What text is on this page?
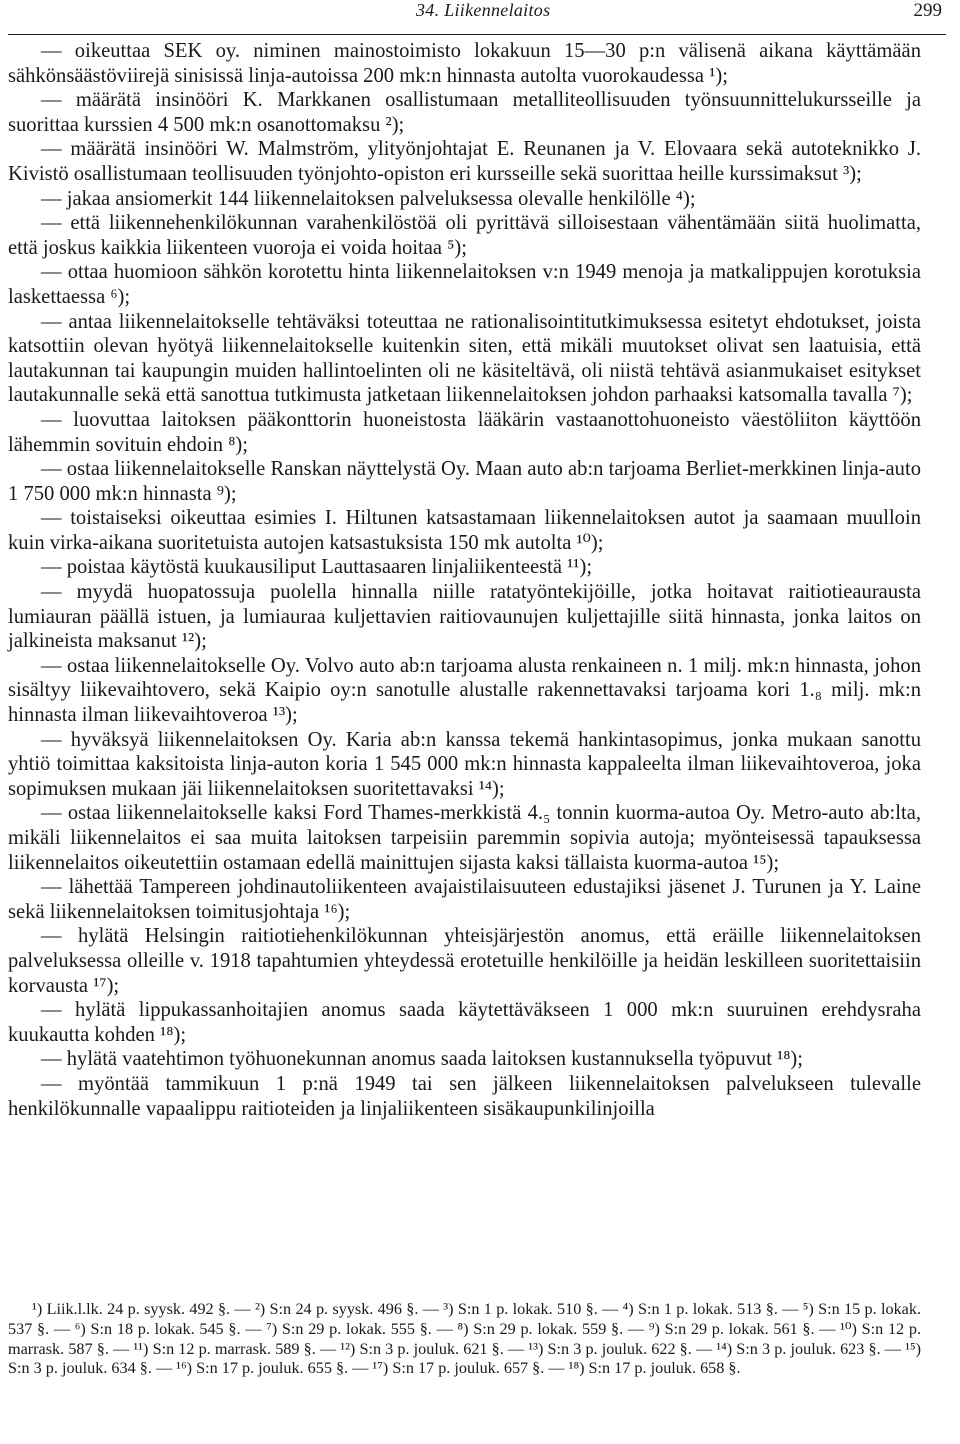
34. Liikennelaitos	299

— oikeuttaa SEK oy. niminen mainostoimisto lokakuun 15—30 p:n välisenä aikana käyttämään sähkönsäästöviirejä sinisissä linja-autoissa 200 mk:n hinnasta autolta vuorokaudessa ¹);

— määrätä insinööri K. Markkanen osallistumaan metalliteollisuuden työnsuunnittelukursseille ja suorittaa kurssien 4 500 mk:n osanottomaksu ²);

— määrätä insinööri W. Malmström, ylityönjohtajat E. Reunanen ja V. Elovaara sekä autoteknikko J. Kivistö osallistumaan teollisuuden työnjohto-opiston eri kursseille sekä suorittaa heille kurssimaksut ³);

— jakaa ansiomerkit 144 liikennelaitoksen palveluksessa olevalle henkilölle ⁴);

— että liikennehenkilökunnan varahenkilöstöä oli pyrittävä silloisestaan vähentämään siitä huolimatta, että joskus kaikkia liikenteen vuoroja ei voida hoitaa ⁵);

— ottaa huomioon sähkön korotettu hinta liikennelaitoksen v:n 1949 menoja ja matkalippujen korotuksia laskettaessa ⁶);

— antaa liikennelaitokselle tehtäväksi toteuttaa ne rationalisointitutkimuksessa esitetyt ehdotukset, joista katsottiin olevan hyötyä liikennelaitokselle kuitenkin siten, että mikäli muutokset olivat sen laatuisia, että lautakunnan tai kaupungin muiden hallintoelinten oli ne käsiteltävä, oli niistä tehtävä asianmukaiset esitykset lautakunnalle sekä että sanottua tutkimusta jatketaan liikennelaitoksen johdon parhaaksi katsomalla tavalla ⁷);

— luovuttaa laitoksen pääkonttorin huoneistosta lääkärin vastaanottohuoneisto väestöliiton käyttöön lähemmin sovituin ehdoin ⁸);

— ostaa liikennelaitokselle Ranskan näyttelystä Oy. Maan auto ab:n tarjoama Berliet-merkkinen linja-auto 1 750 000 mk:n hinnasta ⁹);

— toistaiseksi oikeuttaa esimies I. Hiltunen katsastamaan liikennelaitoksen autot ja saamaan muulloin kuin virka-aikana suoritetuista autojen katsastuksista 150 mk autolta ¹⁰);

— poistaa käytöstä kuukausiliput Lauttasaaren linjaliikenteestä ¹¹);

— myydä huopatossuja puolella hinnalla niille ratatyöntekijöille, jotka hoitavat raitiotieaurausta lumiauran päällä istuen, ja lumiauraa kuljettavien raitiovaunujen kuljettajille siitä hinnasta, jonka laitos on jalkineista maksanut ¹²);

— ostaa liikennelaitokselle Oy. Volvo auto ab:n tarjoama alusta renkaineen n. 1 milj. mk:n hinnasta, johon sisältyy liikevaihtovero, sekä Kaipio oy:n sanotulle alustalle rakennettavaksi tarjoama kori 1.₈ milj. mk:n hinnasta ilman liikevaihtoveroa ¹³);

— hyväksyä liikennelaitoksen Oy. Karia ab:n kanssa tekemä hankintasopimus, jonka mukaan sanottu yhtiö toimittaa kaksitoista linja-auton koria 1 545 000 mk:n hinnasta kappaleelta ilman liikevaihtoveroa, joka sopimuksen mukaan jäi liikennelaitoksen suoritettavaksi ¹⁴);

— ostaa liikennelaitokselle kaksi Ford Thames-merkkistä 4.₅ tonnin kuorma-autoa Oy. Metro-auto ab:lta, mikäli liikennelaitos ei saa muita laitoksen tarpeisiin paremmin sopivia autoja; myönteisessä tapauksessa liikennelaitos oikeutettiin ostamaan edellä mainittujen sijasta kaksi tällaista kuorma-autoa ¹⁵);

— lähettää Tampereen johdinautoliikenteen avajaistilaisuuteen edustajiksi jäsenet J. Turunen ja Y. Laine sekä liikennelaitoksen toimitusjohtaja ¹⁶);

— hylätä Helsingin raitiotiehenkilökunnan yhteisjärjestön anomus, että eräille liikennelaitoksen palveluksessa olleille v. 1918 tapahtumien yhteydessä erotetuille henkilöille ja heidän leskilleen suoritettaisiin korvausta ¹⁷);

— hylätä lippukassanhoitajien anomus saada käytettäväkseen 1 000 mk:n suuruinen erehdysraha kuukautta kohden ¹⁸);

— hylätä vaatehtimon työhuonekunnan anomus saada laitoksen kustannuksella työpuvut ¹⁸);

— myöntää tammikuun 1 p:nä 1949 tai sen jälkeen liikennelaitoksen palvelukseen tulevalle henkilökunnalle vapaalippu raitioteiden ja linjaliikenteen sisäkaupunkilinjoilla

¹) Liik.l.lk. 24 p. syysk. 492 §. — ²) S:n 24 p. syysk. 496 §. — ³) S:n 1 p. lokak. 510 §. — ⁴) S:n 1 p. lokak. 513 §. — ⁵) S:n 15 p. lokak. 537 §. — ⁶) S:n 18 p. lokak. 545 §. — ⁷) S:n 29 p. lokak. 555 §. — ⁸) S:n 29 p. lokak. 559 §. — ⁹) S:n 29 p. lokak. 561 §. — ¹⁰) S:n 12 p. marrask. 587 §. — ¹¹) S:n 12 p. marrask. 589 §. — ¹²) S:n 3 p. jouluk. 621 §. — ¹³) S:n 3 p. jouluk. 622 §. — ¹⁴) S:n 3 p. jouluk. 623 §. — ¹⁵) S:n 3 p. jouluk. 634 §. — ¹⁶) S:n 17 p. jouluk. 655 §. — ¹⁷) S:n 17 p. jouluk. 657 §. — ¹⁸) S:n 17 p. jouluk. 658 §.
